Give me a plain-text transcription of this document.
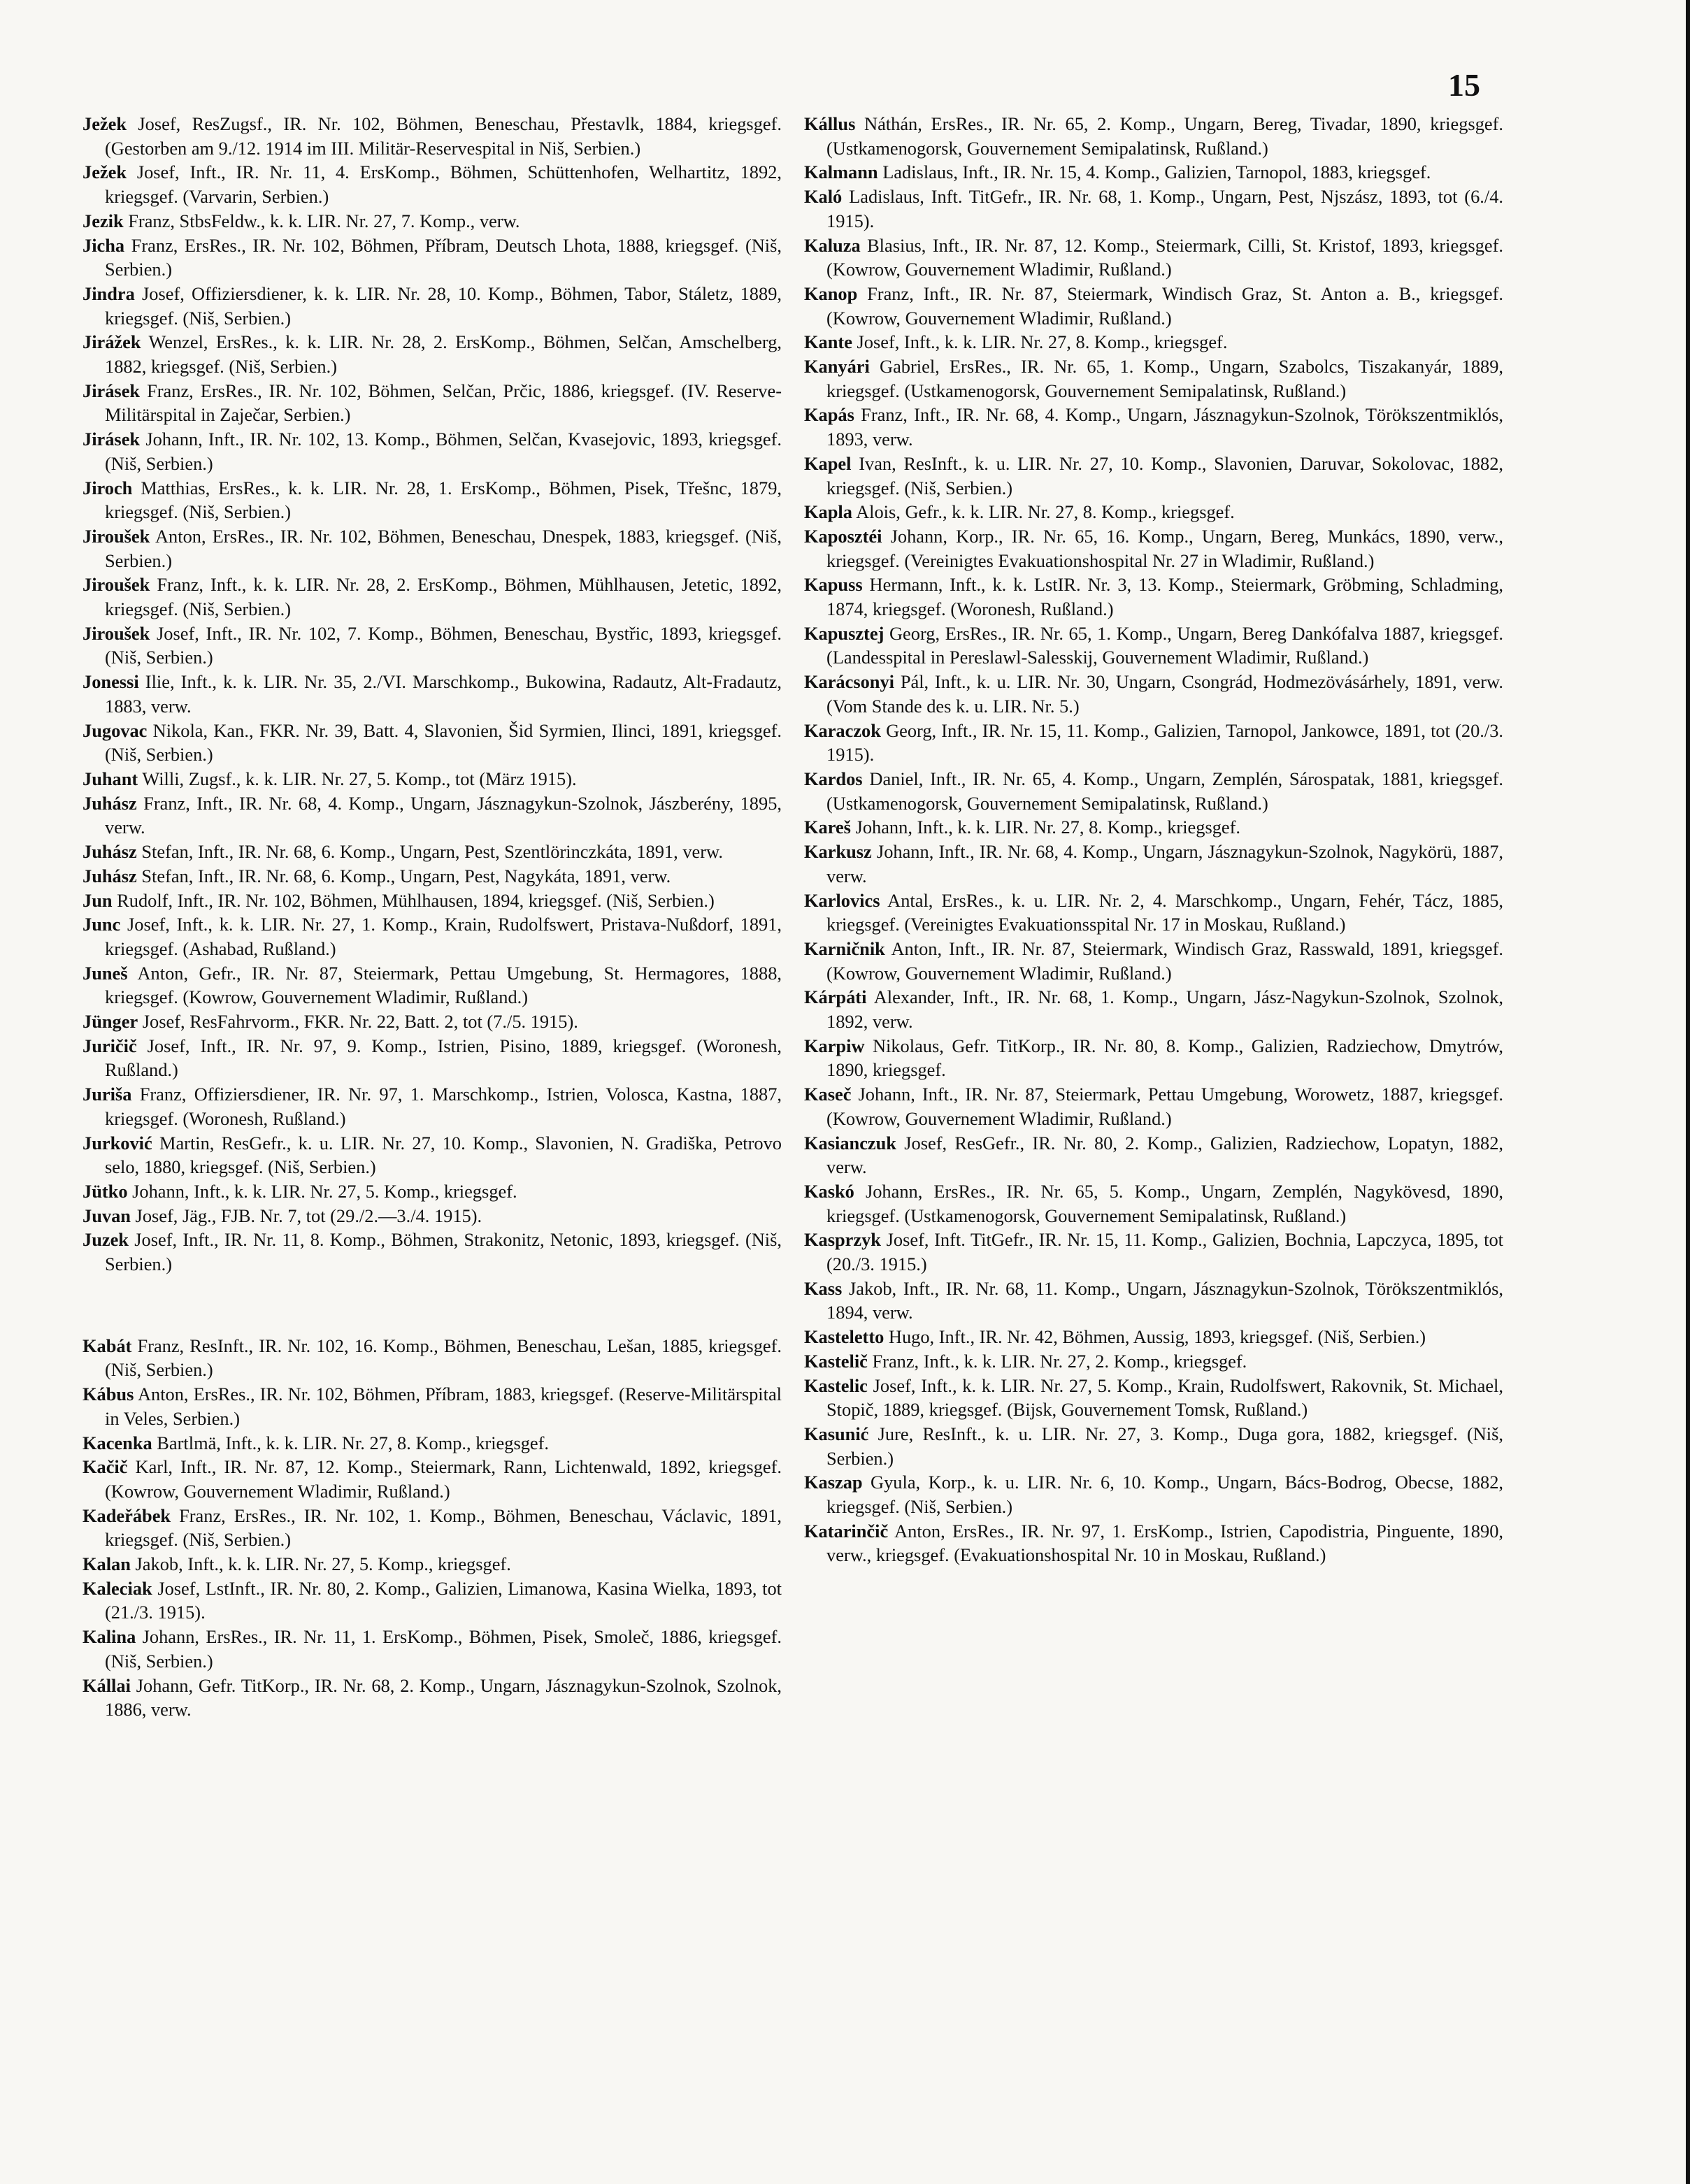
15

Ježek Josef, ResZugsf., IR. Nr. 102, Böhmen, Beneschau, Přestavlk, 1884, kriegsgef. (Gestorben am 9./12. 1914 im III. Militär-Reservespital in Niš, Serbien.)

Ježek Josef, Inft., IR. Nr. 11, 4. ErsKomp., Böhmen, Schüttenhofen, Welhartitz, 1892, kriegsgef. (Varvarin, Serbien.)

Jezik Franz, StbsFeldw., k. k. LIR. Nr. 27, 7. Komp., verw.

Jicha Franz, ErsRes., IR. Nr. 102, Böhmen, Příbram, Deutsch Lhota, 1888, kriegsgef. (Niš, Serbien.)

Jindra Josef, Offiziersdiener, k. k. LIR. Nr. 28, 10. Komp., Böhmen, Tabor, Stáletz, 1889, kriegsgef. (Niš, Serbien.)

Jirážek Wenzel, ErsRes., k. k. LIR. Nr. 28, 2. ErsKomp., Böhmen, Selčan, Amschelberg, 1882, kriegsgef. (Niš, Serbien.)

Jirásek Franz, ErsRes., IR. Nr. 102, Böhmen, Selčan, Prčic, 1886, kriegsgef. (IV. Reserve-Militärspital in Zaječar, Serbien.)

Jirásek Johann, Inft., IR. Nr. 102, 13. Komp., Böhmen, Selčan, Kvasejovic, 1893, kriegsgef. (Niš, Serbien.)

Jiroch Matthias, ErsRes., k. k. LIR. Nr. 28, 1. ErsKomp., Böhmen, Pisek, Třešnc, 1879, kriegsgef. (Niš, Serbien.)

Jiroušek Anton, ErsRes., IR. Nr. 102, Böhmen, Beneschau, Dnespek, 1883, kriegsgef. (Niš, Serbien.)

Jiroušek Franz, Inft., k. k. LIR. Nr. 28, 2. ErsKomp., Böhmen, Mühlhausen, Jetetic, 1892, kriegsgef. (Niš, Serbien.)

Jiroušek Josef, Inft., IR. Nr. 102, 7. Komp., Böhmen, Beneschau, Bystřic, 1893, kriegsgef. (Niš, Serbien.)

Jonessi Ilie, Inft., k. k. LIR. Nr. 35, 2./VI. Marschkomp., Bukowina, Radautz, Alt-Fradautz, 1883, verw.

Jugovac Nikola, Kan., FKR. Nr. 39, Batt. 4, Slavonien, Šid Syrmien, Ilinci, 1891, kriegsgef. (Niš, Serbien.)

Juhant Willi, Zugsf., k. k. LIR. Nr. 27, 5. Komp., tot (März 1915).

Juhász Franz, Inft., IR. Nr. 68, 4. Komp., Ungarn, Jásznagykun-Szolnok, Jászberény, 1895, verw.

Juhász Stefan, Inft., IR. Nr. 68, 6. Komp., Ungarn, Pest, Szentlörinczkáta, 1891, verw.

Juhász Stefan, Inft., IR. Nr. 68, 6. Komp., Ungarn, Pest, Nagykáta, 1891, verw.

Jun Rudolf, Inft., IR. Nr. 102, Böhmen, Mühlhausen, 1894, kriegsgef. (Niš, Serbien.)

Junc Josef, Inft., k. k. LIR. Nr. 27, 1. Komp., Krain, Rudolfswert, Pristava-Nußdorf, 1891, kriegsgef. (Ashabad, Rußland.)

Juneš Anton, Gefr., IR. Nr. 87, Steiermark, Pettau Umgebung, St. Hermagores, 1888, kriegsgef. (Kowrow, Gouvernement Wladimir, Rußland.)

Jünger Josef, ResFahrvorm., FKR. Nr. 22, Batt. 2, tot (7./5. 1915).

Juričič Josef, Inft., IR. Nr. 97, 9. Komp., Istrien, Pisino, 1889, kriegsgef. (Woronesh, Rußland.)

Juriša Franz, Offiziersdiener, IR. Nr. 97, 1. Marschkomp., Istrien, Volosca, Kastna, 1887, kriegsgef. (Woronesh, Rußland.)

Jurković Martin, ResGefr., k. u. LIR. Nr. 27, 10. Komp., Slavonien, N. Gradiška, Petrovo selo, 1880, kriegsgef. (Niš, Serbien.)

Jütko Johann, Inft., k. k. LIR. Nr. 27, 5. Komp., kriegsgef.

Juvan Josef, Jäg., FJB. Nr. 7, tot (29./2.—3./4. 1915).

Juzek Josef, Inft., IR. Nr. 11, 8. Komp., Böhmen, Strakonitz, Netonic, 1893, kriegsgef. (Niš, Serbien.)

Kabát Franz, ResInft., IR. Nr. 102, 16. Komp., Böhmen, Beneschau, Lešan, 1885, kriegsgef. (Niš, Serbien.)

Kábus Anton, ErsRes., IR. Nr. 102, Böhmen, Příbram, 1883, kriegsgef. (Reserve-Militärspital in Veles, Serbien.)

Kacenka Bartlmä, Inft., k. k. LIR. Nr. 27, 8. Komp., kriegsgef.

Kačič Karl, Inft., IR. Nr. 87, 12. Komp., Steiermark, Rann, Lichtenwald, 1892, kriegsgef. (Kowrow, Gouvernement Wladimir, Rußland.)

Kadeřábek Franz, ErsRes., IR. Nr. 102, 1. Komp., Böhmen, Beneschau, Václavic, 1891, kriegsgef. (Niš, Serbien.)

Kalan Jakob, Inft., k. k. LIR. Nr. 27, 5. Komp., kriegsgef.

Kaleciak Josef, LstInft., IR. Nr. 80, 2. Komp., Galizien, Limanowa, Kasina Wielka, 1893, tot (21./3. 1915).

Kalina Johann, ErsRes., IR. Nr. 11, 1. ErsKomp., Böhmen, Pisek, Smoleč, 1886, kriegsgef. (Niš, Serbien.)

Kállai Johann, Gefr. TitKorp., IR. Nr. 68, 2. Komp., Ungarn, Jásznagykun-Szolnok, Szolnok, 1886, verw.

Kállus Náthán, ErsRes., IR. Nr. 65, 2. Komp., Ungarn, Bereg, Tivadar, 1890, kriegsgef. (Ustkamenogorsk, Gouvernement Semipalatinsk, Rußland.)

Kalmann Ladislaus, Inft., IR. Nr. 15, 4. Komp., Galizien, Tarnopol, 1883, kriegsgef.

Kaló Ladislaus, Inft. TitGefr., IR. Nr. 68, 1. Komp., Ungarn, Pest, Njszász, 1893, tot (6./4. 1915).

Kaluza Blasius, Inft., IR. Nr. 87, 12. Komp., Steiermark, Cilli, St. Kristof, 1893, kriegsgef. (Kowrow, Gouvernement Wladimir, Rußland.)

Kanop Franz, Inft., IR. Nr. 87, Steiermark, Windisch Graz, St. Anton a. B., kriegsgef. (Kowrow, Gouvernement Wladimir, Rußland.)

Kante Josef, Inft., k. k. LIR. Nr. 27, 8. Komp., kriegsgef.

Kanyári Gabriel, ErsRes., IR. Nr. 65, 1. Komp., Ungarn, Szabolcs, Tiszakanyár, 1889, kriegsgef. (Ustkamenogorsk, Gouvernement Semipalatinsk, Rußland.)

Kapás Franz, Inft., IR. Nr. 68, 4. Komp., Ungarn, Jásznagykun-Szolnok, Törökszentmiklós, 1893, verw.

Kapel Ivan, ResInft., k. u. LIR. Nr. 27, 10. Komp., Slavonien, Daruvar, Sokolovac, 1882, kriegsgef. (Niš, Serbien.)

Kapla Alois, Gefr., k. k. LIR. Nr. 27, 8. Komp., kriegsgef.

Kaposztéi Johann, Korp., IR. Nr. 65, 16. Komp., Ungarn, Bereg, Munkács, 1890, verw., kriegsgef. (Vereinigtes Evakuationshospital Nr. 27 in Wladimir, Rußland.)

Kapuss Hermann, Inft., k. k. LstIR. Nr. 3, 13. Komp., Steiermark, Gröbming, Schladming, 1874, kriegsgef. (Woronesh, Rußland.)

Kapusztej Georg, ErsRes., IR. Nr. 65, 1. Komp., Ungarn, Bereg Dankófalva 1887, kriegsgef. (Landesspital in Pereslawl-Salesskij, Gouvernement Wladimir, Rußland.)

Karácsonyi Pál, Inft., k. u. LIR. Nr. 30, Ungarn, Csongrád, Hodmezövásárhely, 1891, verw. (Vom Stande des k. u. LIR. Nr. 5.)

Karaczok Georg, Inft., IR. Nr. 15, 11. Komp., Galizien, Tarnopol, Jankowce, 1891, tot (20./3. 1915).

Kardos Daniel, Inft., IR. Nr. 65, 4. Komp., Ungarn, Zemplén, Sárospatak, 1881, kriegsgef. (Ustkamenogorsk, Gouvernement Semipalatinsk, Rußland.)

Kareš Johann, Inft., k. k. LIR. Nr. 27, 8. Komp., kriegsgef.

Karkusz Johann, Inft., IR. Nr. 68, 4. Komp., Ungarn, Jásznagykun-Szolnok, Nagykörü, 1887, verw.

Karlovics Antal, ErsRes., k. u. LIR. Nr. 2, 4. Marschkomp., Ungarn, Fehér, Tácz, 1885, kriegsgef. (Vereinigtes Evakuationsspital Nr. 17 in Moskau, Rußland.)

Karničnik Anton, Inft., IR. Nr. 87, Steiermark, Windisch Graz, Rasswald, 1891, kriegsgef. (Kowrow, Gouvernement Wladimir, Rußland.)

Kárpáti Alexander, Inft., IR. Nr. 68, 1. Komp., Ungarn, Jász-Nagykun-Szolnok, Szolnok, 1892, verw.

Karpiw Nikolaus, Gefr. TitKorp., IR. Nr. 80, 8. Komp., Galizien, Radziechow, Dmytrów, 1890, kriegsgef.

Kaseč Johann, Inft., IR. Nr. 87, Steiermark, Pettau Umgebung, Worowetz, 1887, kriegsgef. (Kowrow, Gouvernement Wladimir, Rußland.)

Kasianczuk Josef, ResGefr., IR. Nr. 80, 2. Komp., Galizien, Radziechow, Lopatyn, 1882, verw.

Kaskó Johann, ErsRes., IR. Nr. 65, 5. Komp., Ungarn, Zemplén, Nagykövesd, 1890, kriegsgef. (Ustkamenogorsk, Gouvernement Semipalatinsk, Rußland.)

Kasprzyk Josef, Inft. TitGefr., IR. Nr. 15, 11. Komp., Galizien, Bochnia, Lapczyca, 1895, tot (20./3. 1915.)

Kass Jakob, Inft., IR. Nr. 68, 11. Komp., Ungarn, Jásznagykun-Szolnok, Törökszentmiklós, 1894, verw.

Kasteletto Hugo, Inft., IR. Nr. 42, Böhmen, Aussig, 1893, kriegsgef. (Niš, Serbien.)

Kastelič Franz, Inft., k. k. LIR. Nr. 27, 2. Komp., kriegsgef.

Kastelic Josef, Inft., k. k. LIR. Nr. 27, 5. Komp., Krain, Rudolfswert, Rakovnik, St. Michael, Stopič, 1889, kriegsgef. (Bijsk, Gouvernement Tomsk, Rußland.)

Kasunić Jure, ResInft., k. u. LIR. Nr. 27, 3. Komp., Duga gora, 1882, kriegsgef. (Niš, Serbien.)

Kaszap Gyula, Korp., k. u. LIR. Nr. 6, 10. Komp., Ungarn, Bács-Bodrog, Obecse, 1882, kriegsgef. (Niš, Serbien.)

Katarinčič Anton, ErsRes., IR. Nr. 97, 1. ErsKomp., Istrien, Capodistria, Pinguente, 1890, verw., kriegsgef. (Evakuationshospital Nr. 10 in Moskau, Rußland.)
